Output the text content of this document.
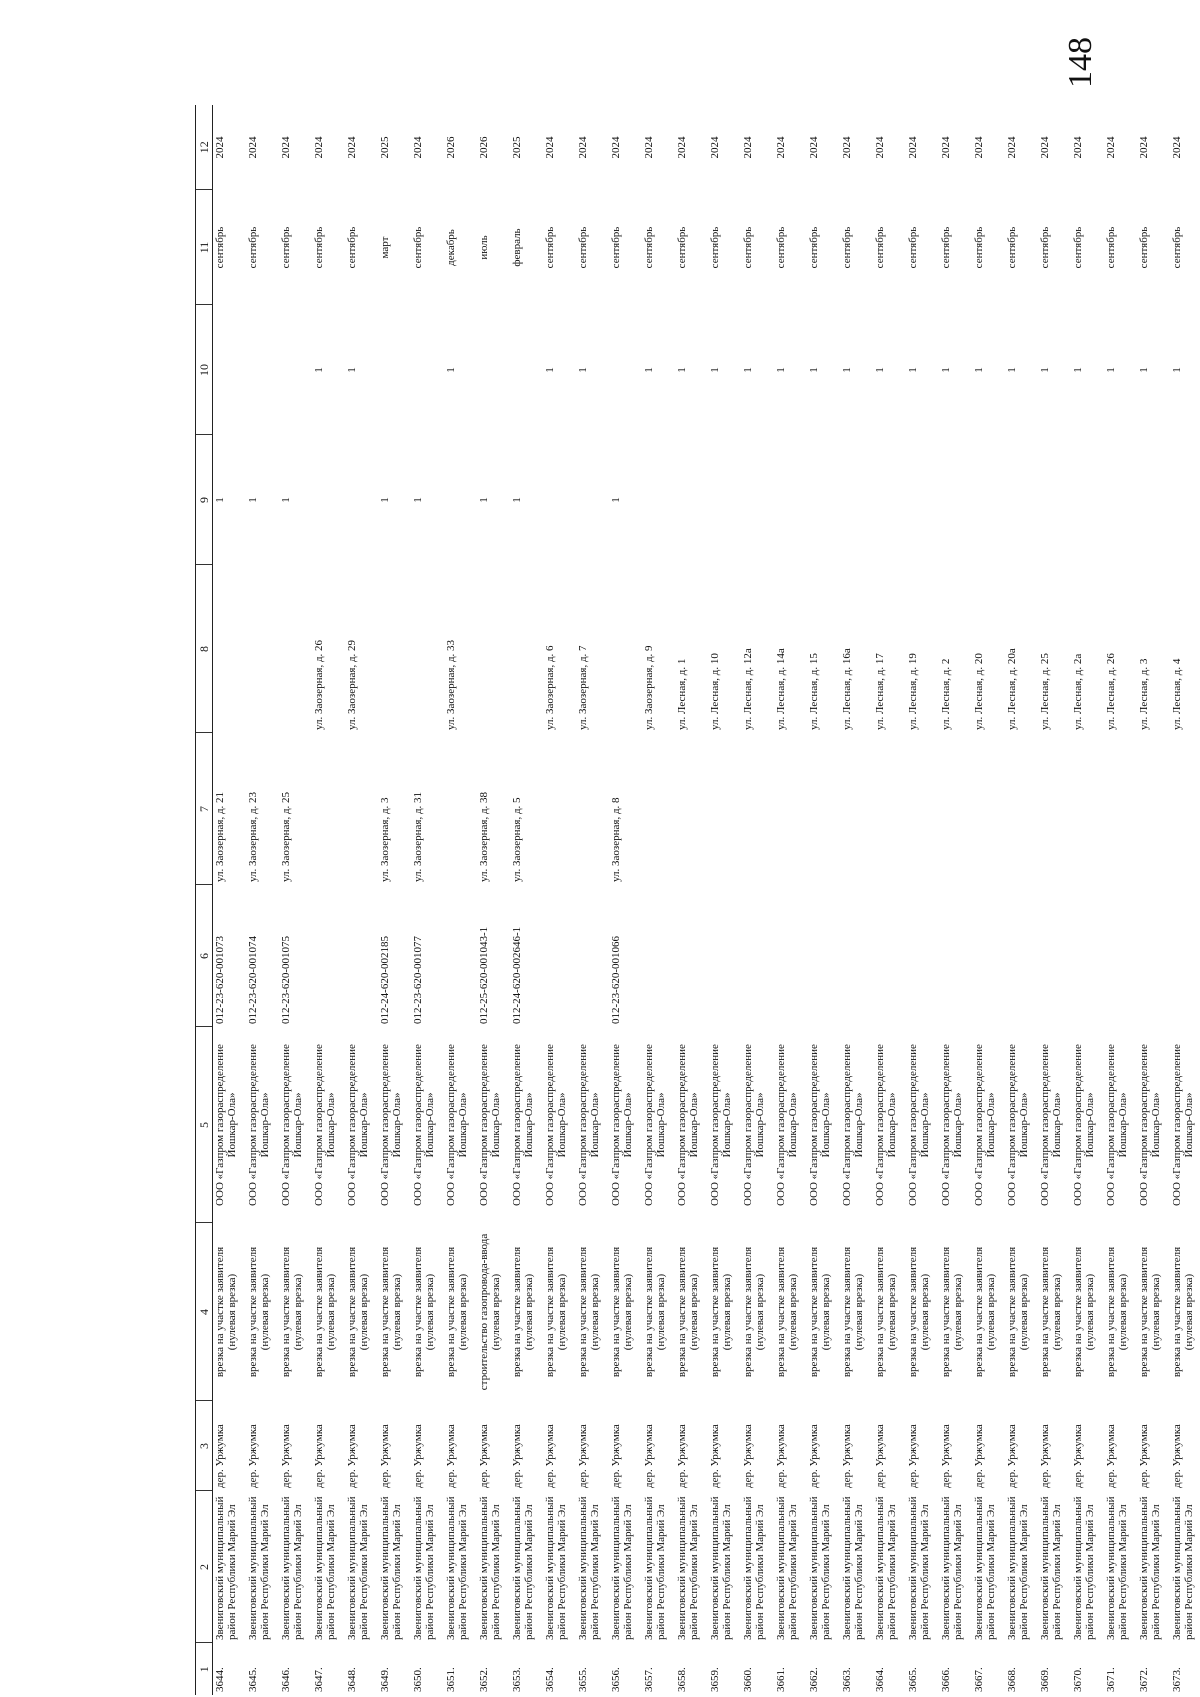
148
1	2	3	4	5	6	7	8	9	10	11	12
3644.	Звениговский муниципальный район Республики Марий Эл	дер. Уржумка	врезка на участке заявителя (нулевая врезка)	ООО «Газпром газораспределение Йошкар-Ола»	012-23-620-001073	ул. Заозерная, д. 21		1		сентябрь	2024
3645.	Звениговский муниципальный район Республики Марий Эл	дер. Уржумка	врезка на участке заявителя (нулевая врезка)	ООО «Газпром газораспределение Йошкар-Ола»	012-23-620-001074	ул. Заозерная, д. 23		1		сентябрь	2024
3646.	Звениговский муниципальный район Республики Марий Эл	дер. Уржумка	врезка на участке заявителя (нулевая врезка)	ООО «Газпром газораспределение Йошкар-Ола»	012-23-620-001075	ул. Заозерная, д. 25		1		сентябрь	2024
3647.	Звениговский муниципальный район Республики Марий Эл	дер. Уржумка	врезка на участке заявителя (нулевая врезка)	ООО «Газпром газораспределение Йошкар-Ола»			ул. Заозерная, д. 26		1	сентябрь	2024
3648.	Звениговский муниципальный район Республики Марий Эл	дер. Уржумка	врезка на участке заявителя (нулевая врезка)	ООО «Газпром газораспределение Йошкар-Ола»			ул. Заозерная, д. 29		1	сентябрь	2024
3649.	Звениговский муниципальный район Республики Марий Эл	дер. Уржумка	врезка на участке заявителя (нулевая врезка)	ООО «Газпром газораспределение Йошкар-Ола»	012-24-620-002185	ул. Заозерная, д. 3		1		март	2025
3650.	Звениговский муниципальный район Республики Марий Эл	дер. Уржумка	врезка на участке заявителя (нулевая врезка)	ООО «Газпром газораспределение Йошкар-Ола»	012-23-620-001077	ул. Заозерная, д. 31		1		сентябрь	2024
3651.	Звениговский муниципальный район Республики Марий Эл	дер. Уржумка	врезка на участке заявителя (нулевая врезка)	ООО «Газпром газораспределение Йошкар-Ола»			ул. Заозерная, д. 33		1	декабрь	2026
3652.	Звениговский муниципальный район Республики Марий Эл	дер. Уржумка	строительство газопровода-ввода (нулевая врезка)	ООО «Газпром газораспределение Йошкар-Ола»	012-25-620-001043-1	ул. Заозерная, д. 38		1		июль	2026
3653.	Звениговский муниципальный район Республики Марий Эл	дер. Уржумка	врезка на участке заявителя (нулевая врезка)	ООО «Газпром газораспределение Йошкар-Ола»	012-24-620-002646-1	ул. Заозерная, д. 5		1		февраль	2025
3654.	Звениговский муниципальный район Республики Марий Эл	дер. Уржумка	врезка на участке заявителя (нулевая врезка)	ООО «Газпром газораспределение Йошкар-Ола»			ул. Заозерная, д. 6		1	сентябрь	2024
3655.	Звениговский муниципальный район Республики Марий Эл	дер. Уржумка	врезка на участке заявителя (нулевая врезка)	ООО «Газпром газораспределение Йошкар-Ола»			ул. Заозерная, д. 7		1	сентябрь	2024
3656.	Звениговский муниципальный район Республики Марий Эл	дер. Уржумка	врезка на участке заявителя (нулевая врезка)	ООО «Газпром газораспределение Йошкар-Ола»	012-23-620-001066	ул. Заозерная, д. 8		1		сентябрь	2024
3657.	Звениговский муниципальный район Республики Марий Эл	дер. Уржумка	врезка на участке заявителя (нулевая врезка)	ООО «Газпром газораспределение Йошкар-Ола»			ул. Заозерная, д. 9		1	сентябрь	2024
3658.	Звениговский муниципальный район Республики Марий Эл	дер. Уржумка	врезка на участке заявителя (нулевая врезка)	ООО «Газпром газораспределение Йошкар-Ола»			ул. Лесная, д. 1		1	сентябрь	2024
3659.	Звениговский муниципальный район Республики Марий Эл	дер. Уржумка	врезка на участке заявителя (нулевая врезка)	ООО «Газпром газораспределение Йошкар-Ола»			ул. Лесная, д. 10		1	сентябрь	2024
3660.	Звениговский муниципальный район Республики Марий Эл	дер. Уржумка	врезка на участке заявителя (нулевая врезка)	ООО «Газпром газораспределение Йошкар-Ола»			ул. Лесная, д. 12а		1	сентябрь	2024
3661.	Звениговский муниципальный район Республики Марий Эл	дер. Уржумка	врезка на участке заявителя (нулевая врезка)	ООО «Газпром газораспределение Йошкар-Ола»			ул. Лесная, д. 14а		1	сентябрь	2024
3662.	Звениговский муниципальный район Республики Марий Эл	дер. Уржумка	врезка на участке заявителя (нулевая врезка)	ООО «Газпром газораспределение Йошкар-Ола»			ул. Лесная, д. 15		1	сентябрь	2024
3663.	Звениговский муниципальный район Республики Марий Эл	дер. Уржумка	врезка на участке заявителя (нулевая врезка)	ООО «Газпром газораспределение Йошкар-Ола»			ул. Лесная, д. 16а		1	сентябрь	2024
3664.	Звениговский муниципальный район Республики Марий Эл	дер. Уржумка	врезка на участке заявителя (нулевая врезка)	ООО «Газпром газораспределение Йошкар-Ола»			ул. Лесная, д. 17		1	сентябрь	2024
3665.	Звениговский муниципальный район Республики Марий Эл	дер. Уржумка	врезка на участке заявителя (нулевая врезка)	ООО «Газпром газораспределение Йошкар-Ола»			ул. Лесная, д. 19		1	сентябрь	2024
3666.	Звениговский муниципальный район Республики Марий Эл	дер. Уржумка	врезка на участке заявителя (нулевая врезка)	ООО «Газпром газораспределение Йошкар-Ола»			ул. Лесная, д. 2		1	сентябрь	2024
3667.	Звениговский муниципальный район Республики Марий Эл	дер. Уржумка	врезка на участке заявителя (нулевая врезка)	ООО «Газпром газораспределение Йошкар-Ола»			ул. Лесная, д. 20		1	сентябрь	2024
3668.	Звениговский муниципальный район Республики Марий Эл	дер. Уржумка	врезка на участке заявителя (нулевая врезка)	ООО «Газпром газораспределение Йошкар-Ола»			ул. Лесная, д. 20а		1	сентябрь	2024
3669.	Звениговский муниципальный район Республики Марий Эл	дер. Уржумка	врезка на участке заявителя (нулевая врезка)	ООО «Газпром газораспределение Йошкар-Ола»			ул. Лесная, д. 25		1	сентябрь	2024
3670.	Звениговский муниципальный район Республики Марий Эл	дер. Уржумка	врезка на участке заявителя (нулевая врезка)	ООО «Газпром газораспределение Йошкар-Ола»			ул. Лесная, д. 2а		1	сентябрь	2024
3671.	Звениговский муниципальный район Республики Марий Эл	дер. Уржумка	врезка на участке заявителя (нулевая врезка)	ООО «Газпром газораспределение Йошкар-Ола»			ул. Лесная, д. 26		1	сентябрь	2024
3672.	Звениговский муниципальный район Республики Марий Эл	дер. Уржумка	врезка на участке заявителя (нулевая врезка)	ООО «Газпром газораспределение Йошкар-Ола»			ул. Лесная, д. 3		1	сентябрь	2024
3673.	Звениговский муниципальный район Республики Марий Эл	дер. Уржумка	врезка на участке заявителя (нулевая врезка)	ООО «Газпром газораспределение Йошкар-Ола»			ул. Лесная, д. 4		1	сентябрь	2024
